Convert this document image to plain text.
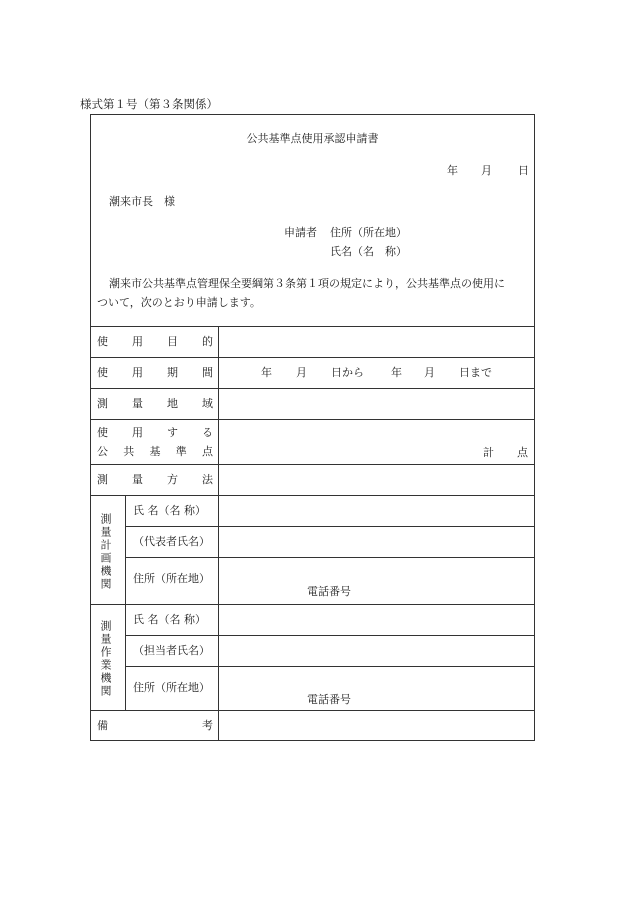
様式第１号（第３条関係）
公共基準点使用承認申請書
年 月 日
潮来市長　様
申請者 住所（所在地）
氏名（名　称）
潮来市公共基準点管理保全要綱第３条第１項の規定により，公共基準点の使用に
ついて，次のとおり申請します。
使 用 目 的
使 用 期 間	年 月 日から 年 月 日まで
測 量 地 域
使 用 す る
公 共 基 準 点	計 点
測 量 方 法
測量計画機関
氏 名（名 称）
（代表者氏名）
住所（所在地）
電話番号
測量作業機関
氏 名（名 称）
（担当者氏名）
住所（所在地）
電話番号
備	考
